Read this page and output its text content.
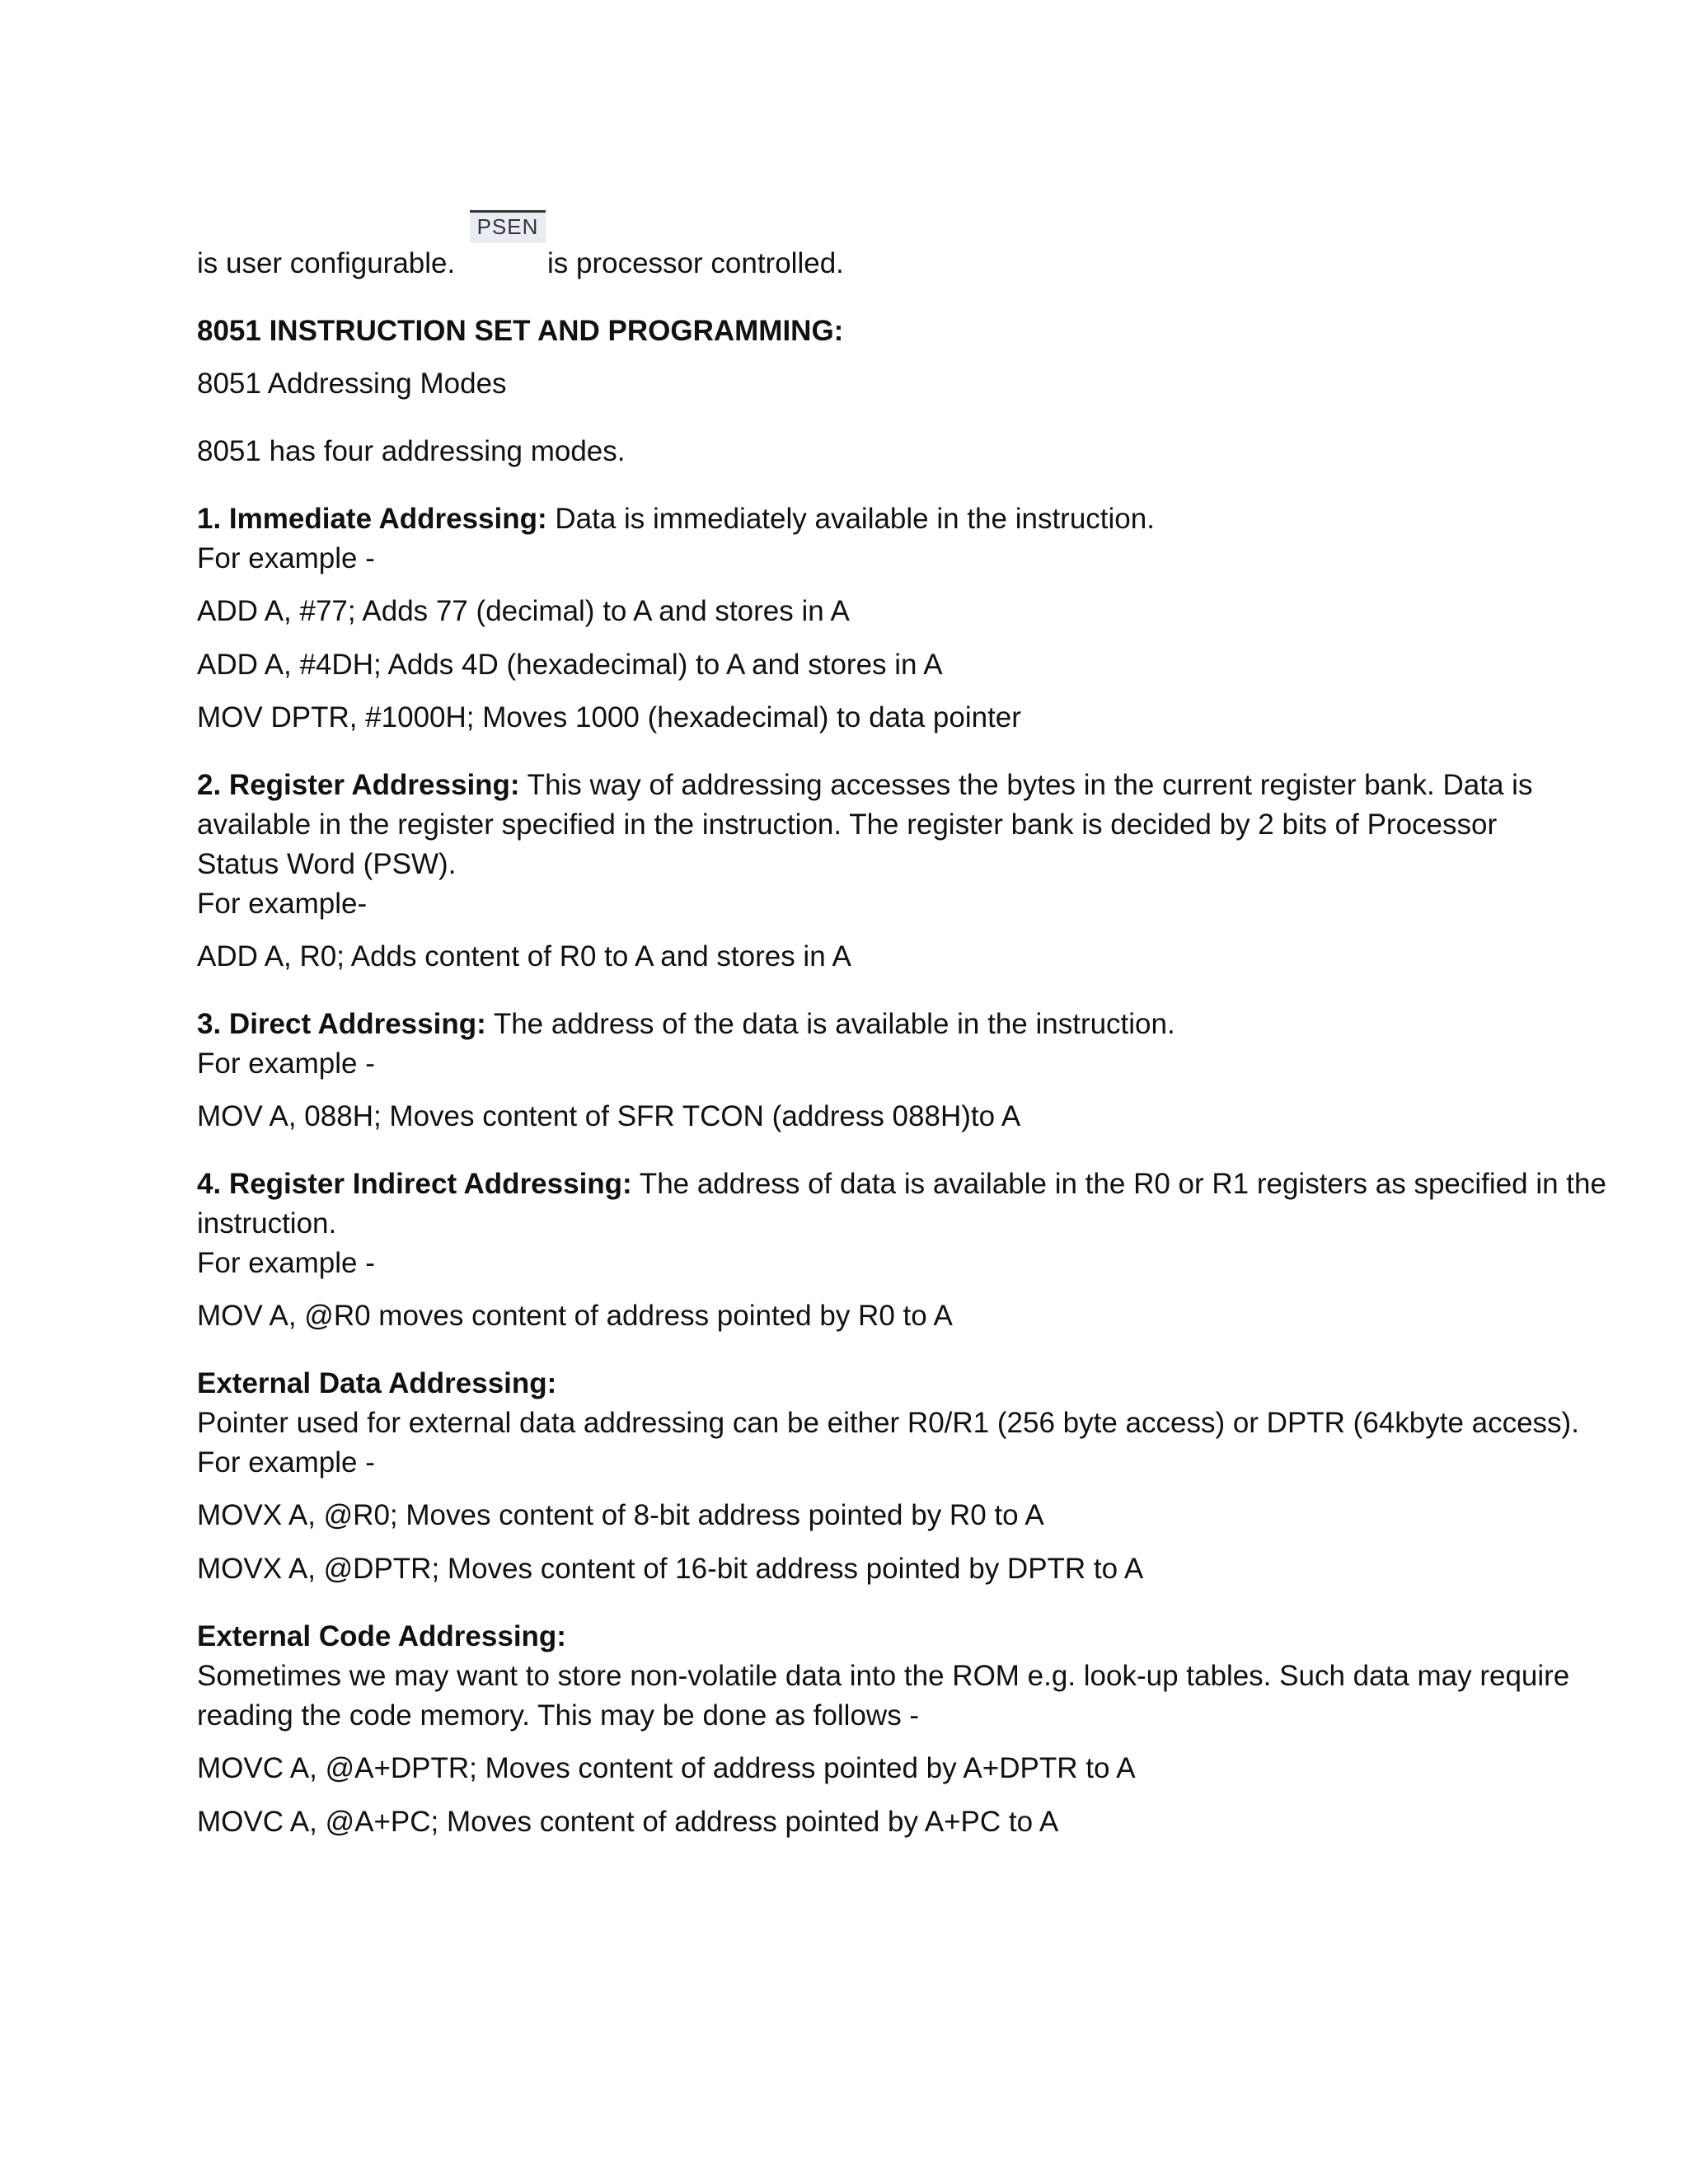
PSEN
is user configurable.	is processor controlled.
8051 INSTRUCTION SET AND PROGRAMMING:
8051 Addressing Modes
8051 has four addressing modes.
1. Immediate Addressing: Data is immediately available in the instruction.
For example -
ADD A, #77; Adds 77 (decimal) to A and stores in A
ADD A, #4DH; Adds 4D (hexadecimal) to A and stores in A
MOV DPTR, #1000H; Moves 1000 (hexadecimal) to data pointer
2. Register Addressing: This way of addressing accesses the bytes in the current register bank. Data is
available in the register specified in the instruction. The register bank is decided by 2 bits of Processor
Status Word (PSW).
For example-
ADD A, R0; Adds content of R0 to A and stores in A
3. Direct Addressing: The address of the data is available in the instruction.
For example -
MOV A, 088H; Moves content of SFR TCON (address 088H)to A
4. Register Indirect Addressing: The address of data is available in the R0 or R1 registers as specified in the
instruction.
For example -
MOV A, @R0 moves content of address pointed by R0 to A
External Data Addressing:
Pointer used for external data addressing can be either R0/R1 (256 byte access) or DPTR (64kbyte access).
For example -
MOVX A, @R0; Moves content of 8-bit address pointed by R0 to A
MOVX A, @DPTR; Moves content of 16-bit address pointed by DPTR to A
External Code Addressing:
Sometimes we may want to store non-volatile data into the ROM e.g. look-up tables. Such data may require
reading the code memory. This may be done as follows -
MOVC A, @A+DPTR; Moves content of address pointed by A+DPTR to A
MOVC A, @A+PC; Moves content of address pointed by A+PC to A
